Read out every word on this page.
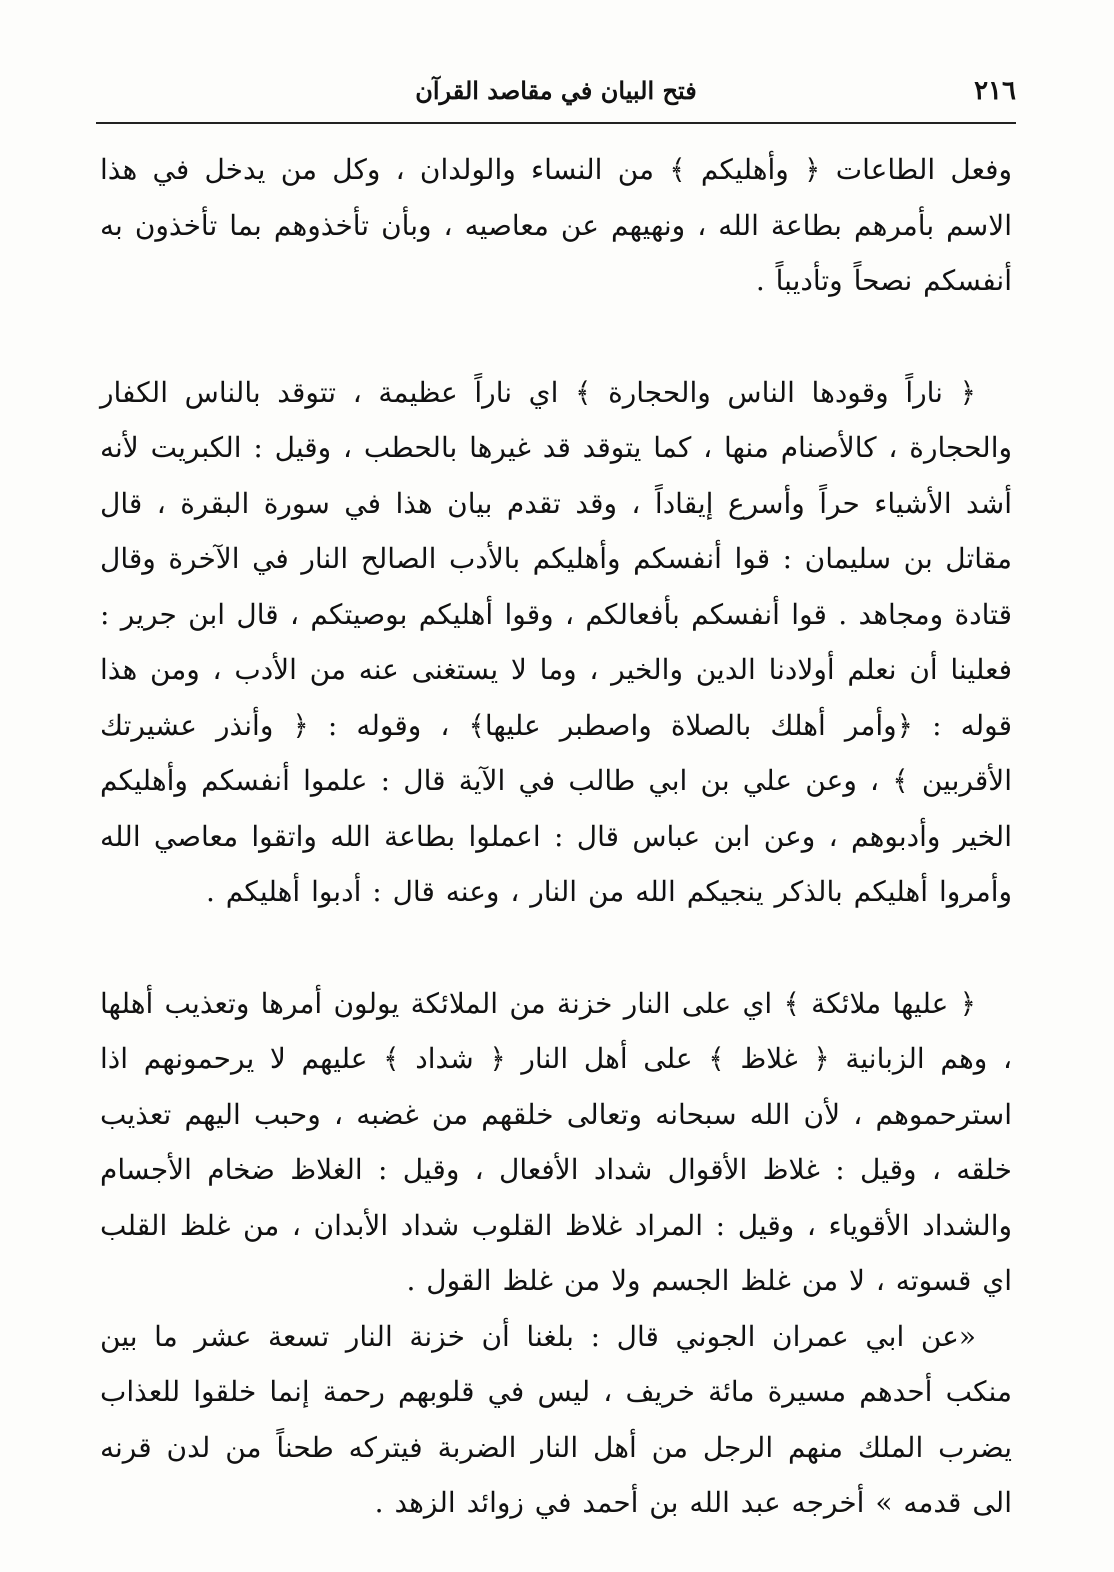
٢١٦
فتح البيان في مقاصد القرآن

وفعل الطاعات ﴿ وأهليكم ﴾ من النساء والولدان ، وكل من يدخل في هذا الاسم بأمرهم بطاعة الله ، ونهيهم عن معاصيه ، وبأن تأخذوهم بما تأخذون به أنفسكم نصحاً وتأديباً .

﴿ ناراً وقودها الناس والحجارة ﴾ اي ناراً عظيمة ، تتوقد بالناس الكفار والحجارة ، كالأصنام منها ، كما يتوقد قد غيرها بالحطب ، وقيل : الكبريت لأنه أشد الأشياء حراً وأسرع إيقاداً ، وقد تقدم بيان هذا في سورة البقرة ، قال مقاتل بن سليمان : قوا أنفسكم وأهليكم بالأدب الصالح النار في الآخرة وقال قتادة ومجاهد . قوا أنفسكم بأفعالكم ، وقوا أهليكم بوصيتكم ، قال ابن جرير : فعلينا أن نعلم أولادنا الدين والخير ، وما لا يستغنى عنه من الأدب ، ومن هذا قوله : ﴿وأمر أهلك بالصلاة واصطبر عليها﴾ ، وقوله : ﴿ وأنذر عشيرتك الأقربين ﴾ ، وعن علي بن ابي طالب في الآية قال : علموا أنفسكم وأهليكم الخير وأدبوهم ، وعن ابن عباس قال : اعملوا بطاعة الله واتقوا معاصي الله وأمروا أهليكم بالذكر ينجيكم الله من النار ، وعنه قال : أدبوا أهليكم .

﴿ عليها ملائكة ﴾ اي على النار خزنة من الملائكة يولون أمرها وتعذيب أهلها ، وهم الزبانية ﴿ غلاظ ﴾ على أهل النار ﴿ شداد ﴾ عليهم لا يرحمونهم اذا استرحموهم ، لأن الله سبحانه وتعالى خلقهم من غضبه ، وحبب اليهم تعذيب خلقه ، وقيل : غلاظ الأقوال شداد الأفعال ، وقيل : الغلاظ ضخام الأجسام والشداد الأقوياء ، وقيل : المراد غلاظ القلوب شداد الأبدان ، من غلظ القلب اي قسوته ، لا من غلظ الجسم ولا من غلظ القول .

«عن ابي عمران الجوني قال : بلغنا أن خزنة النار تسعة عشر ما بين منكب أحدهم مسيرة مائة خريف ، ليس في قلوبهم رحمة إنما خلقوا للعذاب يضرب الملك منهم الرجل من أهل النار الضربة فيتركه طحناً من لدن قرنه الى قدمه » أخرجه عبد الله بن أحمد في زوائد الزهد .
